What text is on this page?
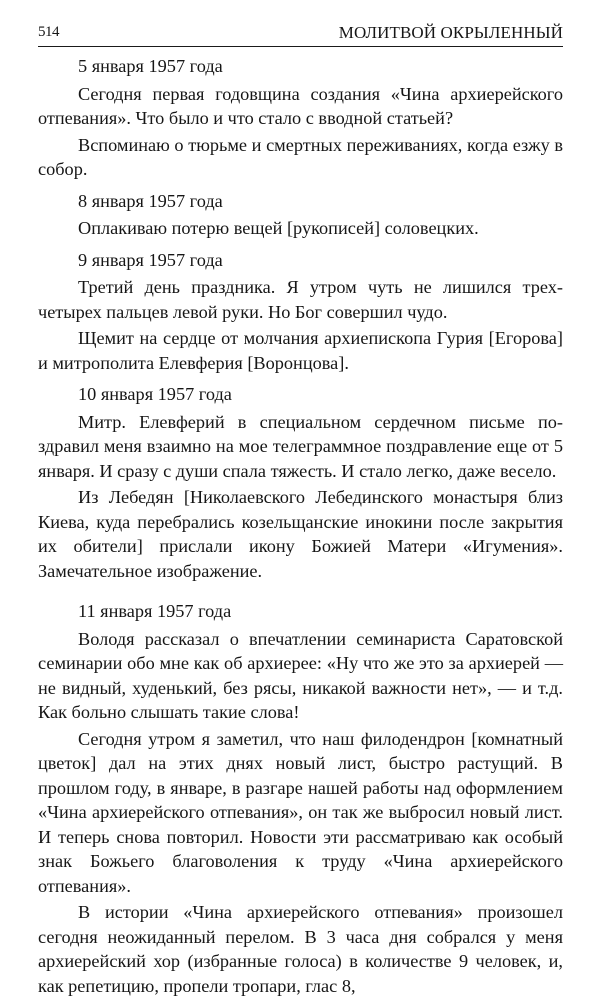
514	МОЛИТВОЙ ОКРЫЛЕННЫЙ
5 января 1957 года

Сегодня первая годовщина создания «Чина архиерейского отпевания». Что было и что стало с вводной статьей?

Вспоминаю о тюрьме и смертных переживаниях, когда езжу в собор.

8 января 1957 года

Оплакиваю потерю вещей [рукописей] соловецких.

9 января 1957 года

Третий день праздника. Я утром чуть не лишился трех-четырех пальцев левой руки. Но Бог совершил чудо.

Щемит на сердце от молчания архиепископа Гурия [Егорова] и митрополита Елевферия [Воронцова].

10 января 1957 года

Митр. Елевферий в специальном сердечном письме поздравил меня взаимно на мое телеграммное поздравление еще от 5 января. И сразу с души спала тяжесть. И стало легко, даже весело.

Из Лебедян [Николаевского Лебединского монастыря близ Киева, куда перебрались козельщанские инокини после закрытия их обители] прислали икону Божией Матери «Игумения». Замечательное изображение.

11 января 1957 года

Володя рассказал о впечатлении семинариста Саратовской семинарии обо мне как об архиерее: «Ну что же это за архиерей — не видный, худенький, без рясы, никакой важности нет», — и т.д. Как больно слышать такие слова!

Сегодня утром я заметил, что наш филодендрон [комнатный цветок] дал на этих днях новый лист, быстро растущий. В прошлом году, в январе, в разгаре нашей работы над оформлением «Чина архиерейского отпевания», он так же выбросил новый лист. И теперь снова повторил. Новости эти рассматриваю как особый знак Божьего благоволения к труду «Чина архиерейского отпевания».

В истории «Чина архиерейского отпевания» произошел сегодня неожиданный перелом. В 3 часа дня собрался у меня архиерейский хор (избранные голоса) в количестве 9 человек, и, как репетицию, пропели тропари, глас 8,
